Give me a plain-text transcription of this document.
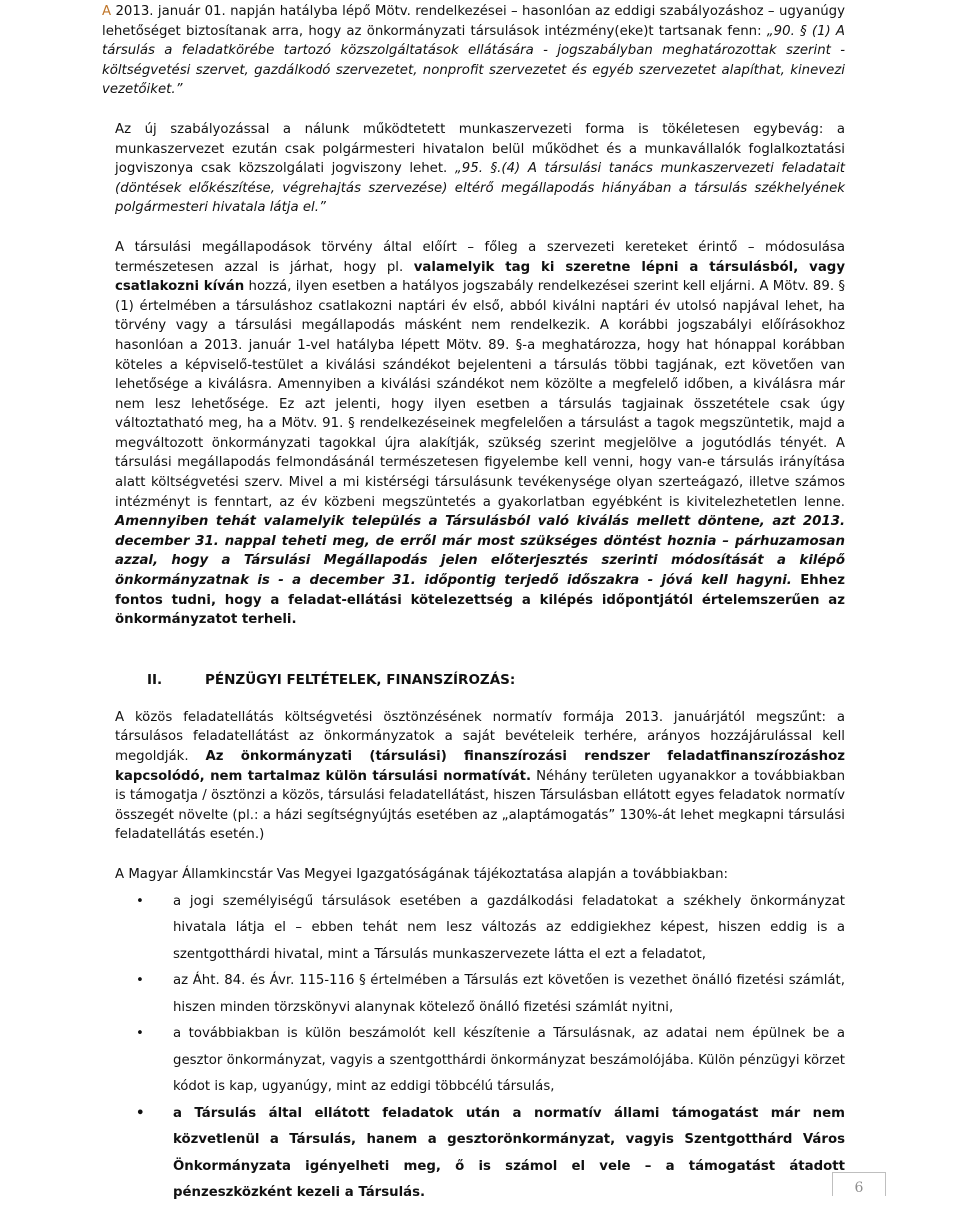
A 2013. január 01. napján hatályba lépő Mötv. rendelkezései – hasonlóan az eddigi szabályozáshoz – ugyanúgy lehetőséget biztosítanak arra, hogy az önkormányzati társulások intézmény(eke)t tartsanak fenn: „90. § (1) A társulás a feladatkörébe tartozó közszolgáltatások ellátására - jogszabályban meghatározottak szerint - költségvetési szervet, gazdálkodó szervezetet, nonprofit szervezetet és egyéb szervezetet alapíthat, kinevezi vezetőiket.”

Az új szabályozással a nálunk működtetett munkaszervezeti forma is tökéletesen egybevág: a munkaszervezet ezután csak polgármesteri hivatalon belül működhet és a munkavállalók foglalkoztatási jogviszonya csak közszolgálati jogviszony lehet. „95. §.(4) A társulási tanács munkaszervezeti feladatait (döntések előkészítése, végrehajtás szervezése) eltérő megállapodás hiányában a társulás székhelyének polgármesteri hivatala látja el.”

A társulási megállapodások törvény által előírt – főleg a szervezeti kereteket érintő – módosulása természetesen azzal is járhat, hogy pl. valamelyik tag ki szeretne lépni a társulásból, vagy csatlakozni kíván hozzá, ilyen esetben a hatályos jogszabály rendelkezései szerint kell eljárni. A Mötv. 89. § (1) értelmében a társuláshoz csatlakozni naptári év első, abból kiválni naptári év utolsó napjával lehet, ha törvény vagy a társulási megállapodás másként nem rendelkezik. A korábbi jogszabályi előírásokhoz hasonlóan a 2013. január 1-vel hatályba lépett Mötv. 89. §-a meghatározza, hogy hat hónappal korábban köteles a képviselő-testület a kiválási szándékot bejelenteni a társulás többi tagjának, ezt követően van lehetősége a kiválásra. Amennyiben a kiválási szándékot nem közölte a megfelelő időben, a kiválásra már nem lesz lehetősége. Ez azt jelenti, hogy ilyen esetben a társulás tagjainak összetétele csak úgy változtatható meg, ha a Mötv. 91. § rendelkezéseinek megfelelően a társulást a tagok megszüntetik, majd a megváltozott önkormányzati tagokkal újra alakítják, szükség szerint megjelölve a jogutódlás tényét. A társulási megállapodás felmondásánál természetesen figyelembe kell venni, hogy van-e társulás irányítása alatt költségvetési szerv. Mivel a mi kistérségi társulásunk tevékenysége olyan szerteágazó, illetve számos intézményt is fenntart, az év közbeni megszüntetés a gyakorlatban egyébként is kivitelezhetetlen lenne. Amennyiben tehát valamelyik település a Társulásból való kiválás mellett döntene, azt 2013. december 31. nappal teheti meg, de erről már most szükséges döntést hoznia – párhuzamosan azzal, hogy a Társulási Megállapodás jelen előterjesztés szerinti módosítását a kilépő önkormányzatnak is - a december 31. időpontig terjedő időszakra - jóvá kell hagyni. Ehhez fontos tudni, hogy a feladat-ellátási kötelezettség a kilépés időpontjától értelemszerűen az önkormányzatot terheli.

II.	PÉNZÜGYI FELTÉTELEK, FINANSZÍROZÁS:

A közös feladatellátás költségvetési ösztönzésének normatív formája 2013. januárjától megszűnt: a társulásos feladatellátást az önkormányzatok a saját bevételeik terhére, arányos hozzájárulással kell megoldják. Az önkormányzati (társulási) finanszírozási rendszer feladatfinanszírozáshoz kapcsolódó, nem tartalmaz külön társulási normatívát. Néhány területen ugyanakkor a továbbiakban is támogatja / ösztönzi a közös, társulási feladatellátást, hiszen Társulásban ellátott egyes feladatok normatív összegét növelte (pl.: a házi segítségnyújtás esetében az „alaptámogatás” 130%-át lehet megkapni társulási feladatellátás esetén.)

A Magyar Államkincstár Vas Megyei Igazgatóságának tájékoztatása alapján a továbbiakban:

• a jogi személyiségű társulások esetében a gazdálkodási feladatokat a székhely önkormányzat hivatala látja el – ebben tehát nem lesz változás az eddigiekhez képest, hiszen eddig is a szentgotthárdi hivatal, mint a Társulás munkaszervezete látta el ezt a feladatot,
• az Áht. 84. és Ávr. 115-116 § értelmében a Társulás ezt követően is vezethet önálló fizetési számlát, hiszen minden törzskönyvi alanynak kötelező önálló fizetési számlát nyitni,
• a továbbiakban is külön beszámolót kell készítenie a Társulásnak, az adatai nem épülnek be a gesztor önkormányzat, vagyis a szentgotthárdi önkormányzat beszámolójába. Külön pénzügyi körzet kódot is kap, ugyanúgy, mint az eddigi többcélú társulás,
• a Társulás által ellátott feladatok után a normatív állami támogatást már nem közvetlenül a Társulás, hanem a gesztorönkormányzat, vagyis Szentgotthárd Város Önkormányzata igényelheti meg, ő is számol el vele – a támogatást átadott pénzeszközként kezeli a Társulás.	6
